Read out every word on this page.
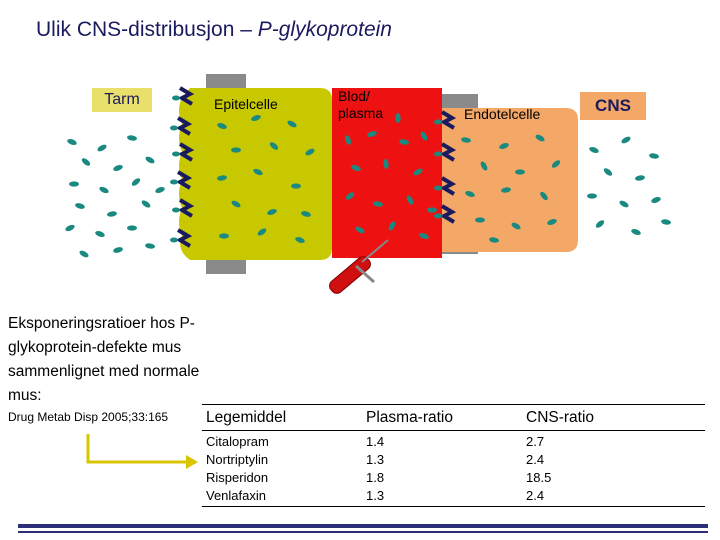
Ulik CNS-distribusjon – P-glykoprotein
Tarm	Epitelcelle	Blod/
plasma	Endotelcelle	CNS
Eksponeringsratioer hos P-glykoprotein-defekte mus sammenlignet med normale mus:
Drug Metab Disp 2005;33:165 Legemiddel	Plasma-ratio	CNS-ratio
Citalopram	1.4	2.7
Nortriptylin	1.3	2.4
Risperidon	1.8	18.5
Venlafaxin	1.3	2.4
